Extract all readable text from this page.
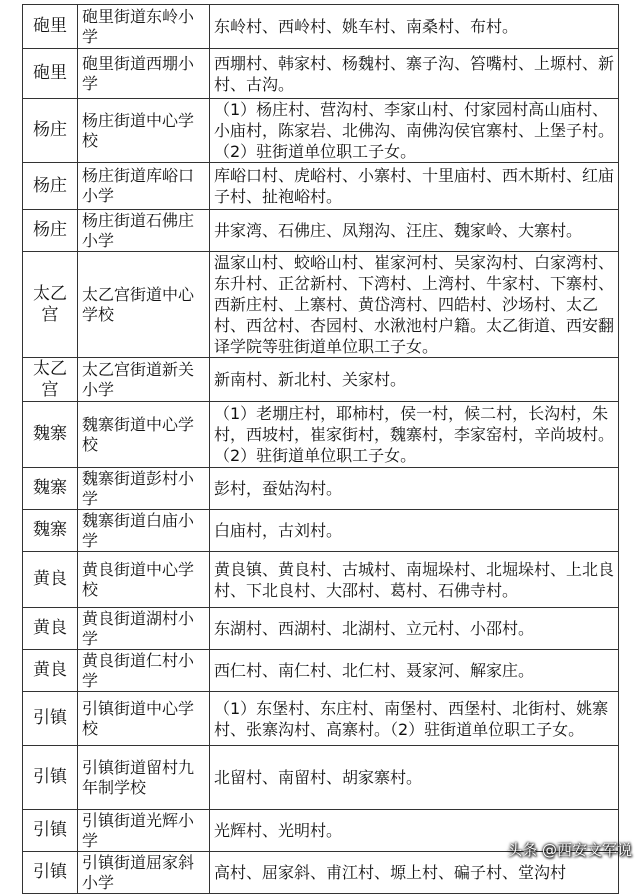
砲里	砲里街道东岭小学	东岭村、西岭村、姚车村、南桑村、布村。
砲里	砲里街道西堋小学	西堋村、韩家村、杨魏村、寨子沟、笞嘴村、上塬村、新村、古沟。
杨庄	杨庄街道中心学校	（1）杨庄村、营沟村、李家山村、付家园村高山庙村、小庙村，陈家岩、北佛沟、南佛沟侯官寨村、上堡子村。（2）驻街道单位职工子女。
杨庄	杨庄街道库峪口小学	库峪口村、虎峪村、小寨村、十里庙村、西木斯村、红庙子村、扯袍峪村。
杨庄	杨庄街道石佛庄小学	井家湾、石佛庄、凤翔沟、汪庄、魏家岭、大寨村。
太乙宫	太乙宫街道中心学校	温家山村、蛟峪山村、崔家河村、吴家沟村、白家湾村、东升村、正岔新村、下湾村、上湾村、牛家村、下寨村、西新庄村、上寨村、黄岱湾村、四皓村、沙场村、太乙村、西岔村、杏园村、水湫池村户籍。太乙街道、西安翻译学院等驻街道单位职工子女。
太乙宫	太乙宫街道新关小学	新南村、新北村、关家村。
魏寨	魏寨街道中心学校	（1）老堋庄村，耶柿村，侯一村，候二村，长沟村，朱村，西坡村，崔家街村，魏寨村，李家窑村，辛尚坡村。（2）驻街道单位职工子女。
魏寨	魏寨街道彭村小学	彭村，蚕姑沟村。
魏寨	魏寨街道白庙小学	白庙村，古刘村。
黄良	黄良街道中心学校	黄良镇、黄良村、古城村、南堀垛村、北堀垛村、上北良村、下北良村、大邵村、葛村、石佛寺村。
黄良	黄良街道湖村小学	东湖村、西湖村、北湖村、立元村、小邵村。
黄良	黄良街道仁村小学	西仁村、南仁村、北仁村、聂家河、解家庄。
引镇	引镇街道中心学校	（1）东堡村、东庄村、南堡村、西堡村、北街村、姚寨村、张寨沟村、高寨村。（2）驻街道单位职工子女。
引镇	引镇街道留村九年制学校	北留村、南留村、胡家寨村。
引镇	引镇街道光辉小学	光辉村、光明村。
引镇	引镇街道屈家斜小学	高村、屈家斜、甫江村、塬上村、碥子村、堂沟村
头条 @西安文军说
